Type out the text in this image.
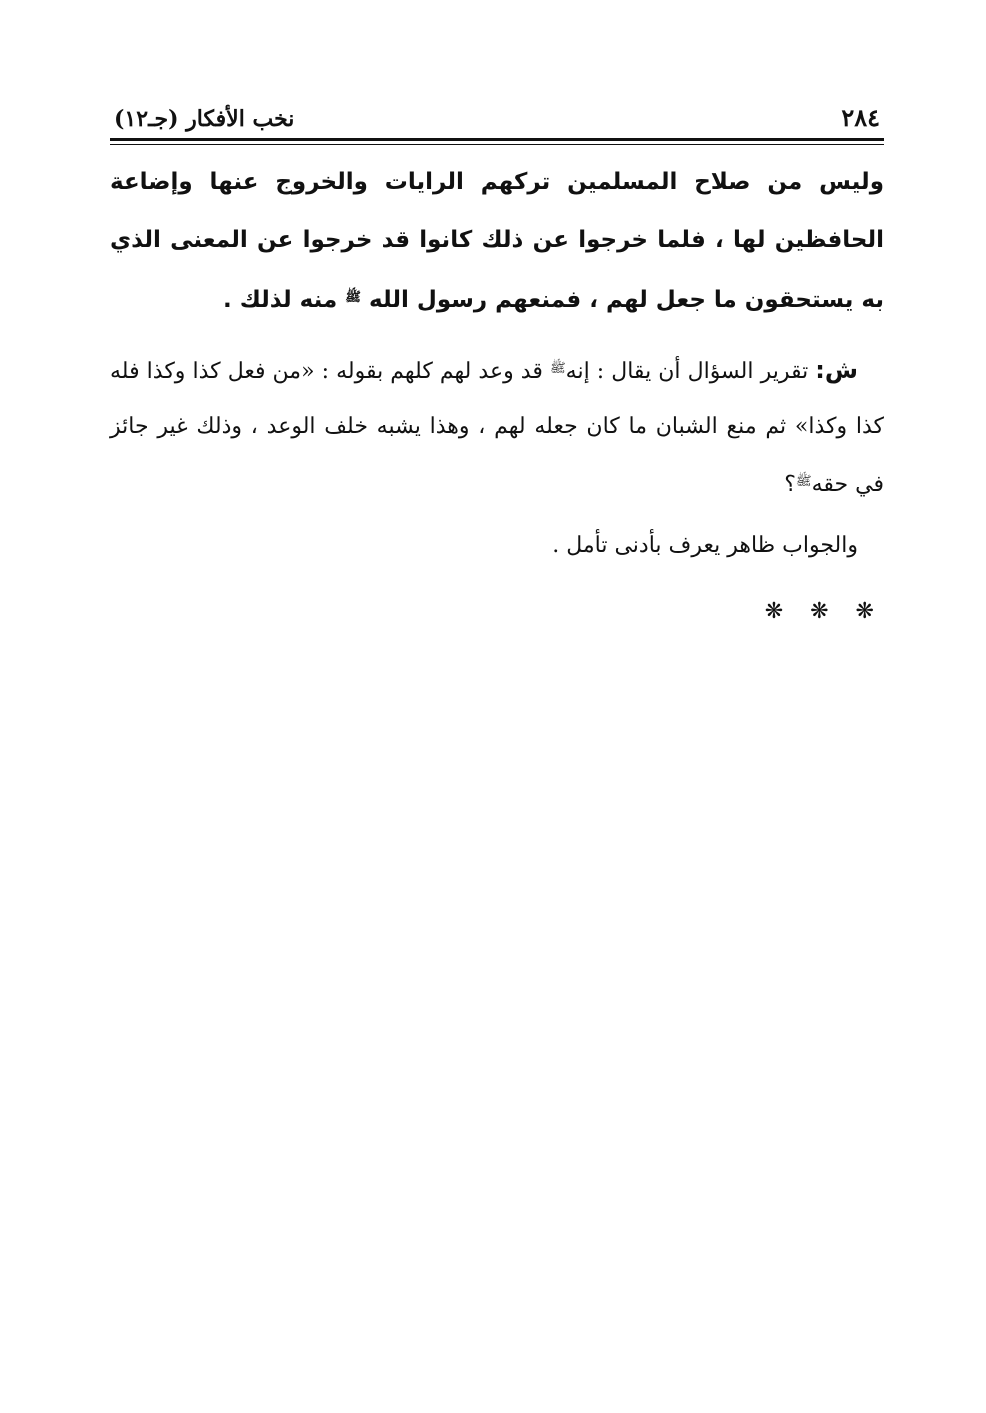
٢٨٤
نخب الأفكار (جـ١٢)

وليس من صلاح المسلمين تركهم الرايات والخروج عنها وإضاعة الحافظين لها ، فلما خرجوا عن ذلك كانوا قد خرجوا عن المعنى الذي به يستحقون ما جعل لهم ، فمنعهم رسول الله $^ﷺ$ منه لذلك .

ش: تقرير السؤال أن يقال : إنه$^ﷺ$ قد وعد لهم كلهم بقوله : «من فعل كذا وكذا فله كذا وكذا» ثم منع الشبان ما كان جعله لهم ، وهذا يشبه خلف الوعد ، وذلك غير جائز في حقه$^ﷺ$؟

والجواب ظاهر يعرف بأدنى تأمل .

❋ ❋ ❋
